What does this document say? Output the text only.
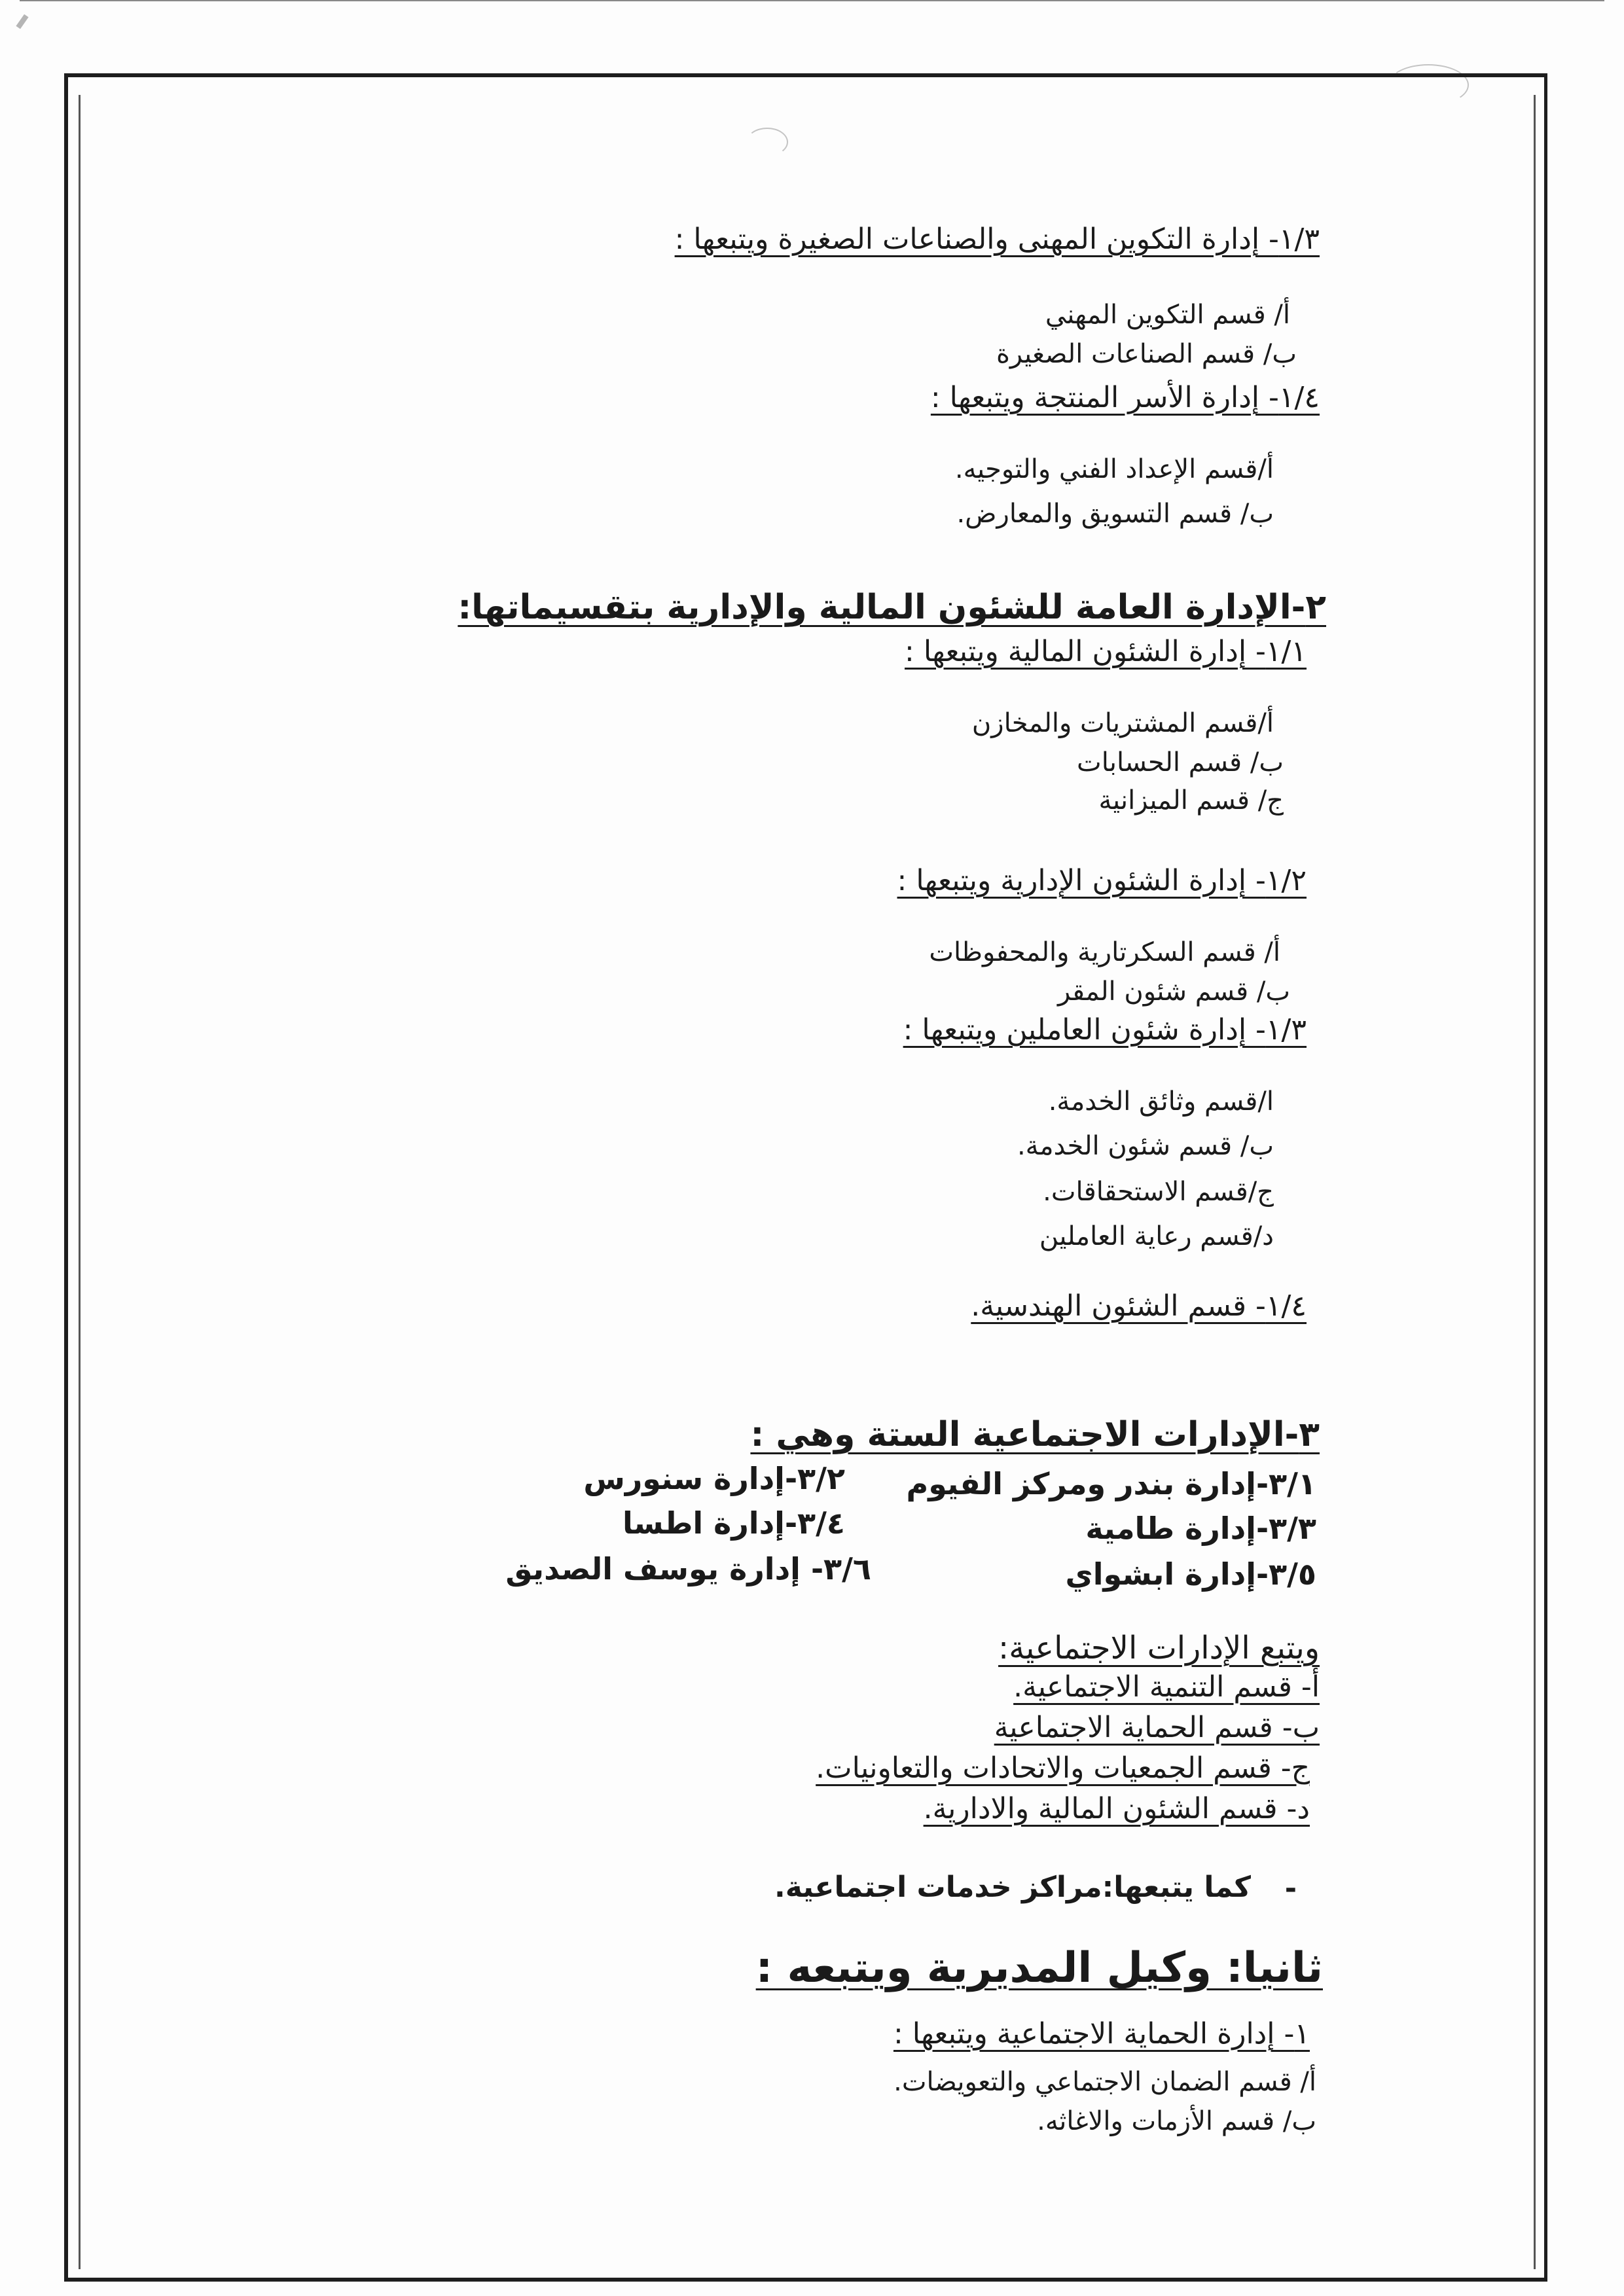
١/٣- إدارة التكوين المهنى والصناعات الصغيرة ويتبعها :
أ/ قسم التكوين المهني
ب/ قسم الصناعات الصغيرة
١/٤- إدارة الأسر المنتجة ويتبعها :
أ/قسم الإعداد الفني والتوجيه.
ب/ قسم التسويق والمعارض.
٢-الإدارة العامة للشئون المالية والإدارية بتقسيماتها:
١/١- إدارة الشئون المالية ويتبعها :
أ/قسم المشتريات والمخازن
ب/ قسم الحسابات
ج/ قسم الميزانية
١/٢- إدارة الشئون الإدارية ويتبعها :
أ/ قسم السكرتارية والمحفوظات
ب/ قسم شئون المقر
١/٣- إدارة شئون العاملين ويتبعها :
ا/قسم وثائق الخدمة.
ب/ قسم شئون الخدمة.
ج/قسم الاستحقاقات.
د/قسم رعاية العاملين
١/٤- قسم الشئون الهندسية.
٣-الإدارات الاجتماعية الستة وهي :
٣/١-إدارة بندر ومركز الفيوم
٣/٢-إدارة سنورس
٣/٣-إدارة طامية
٣/٤-إدارة اطسا
٣/٥-إدارة ابشواي
٣/٦- إدارة يوسف الصديق
ويتبع الإدارات الاجتماعية:
أ- قسم التنمية الاجتماعية.
ب- قسم الحماية الاجتماعية
ج- قسم الجمعيات والاتحادات والتعاونيات.
د- قسم الشئون المالية والادارية.
-
كما يتبعها:مراكز خدمات اجتماعية.
ثانيا: وكيل المديرية ويتبعه :
١- إدارة الحماية الاجتماعية ويتبعها :
أ/ قسم الضمان الاجتماعي والتعويضات.
ب/ قسم الأزمات والاغاثه.
